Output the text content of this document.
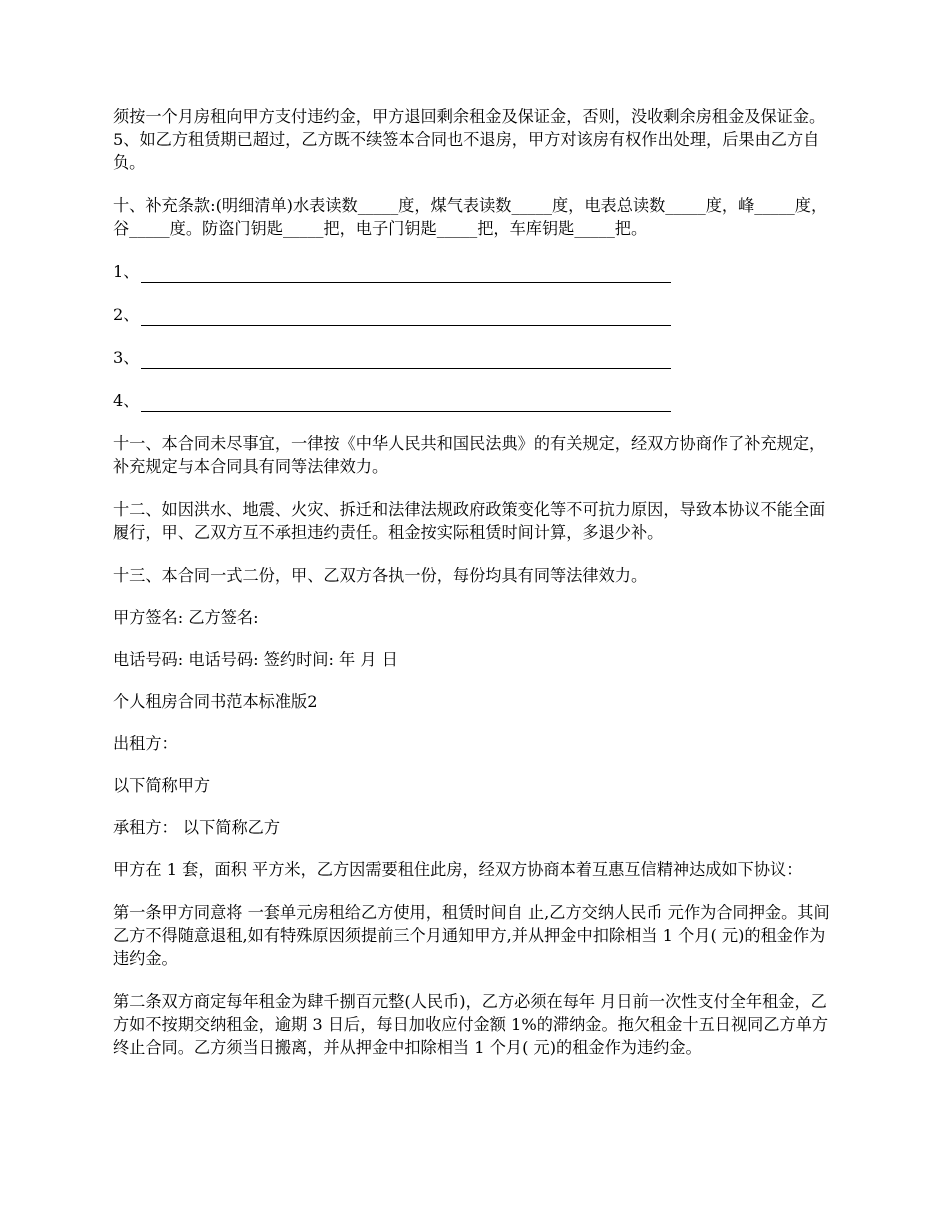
须按一个月房租向甲方支付违约金，甲方退回剩余租金及保证金，否则，没收剩余房租金及保证金。5、如乙方租赁期已超过，乙方既不续签本合同也不退房，甲方对该房有权作出处理，后果由乙方自负。

十、补充条款:(明细清单)水表读数_____度，煤气表读数_____度，电表总读数_____度，峰_____度，谷_____度。防盗门钥匙_____把，电子门钥匙_____把，车库钥匙_____把。

1、
2、
3、
4、

十一、本合同未尽事宜，一律按《中华人民共和国民法典》的有关规定，经双方协商作了补充规定，补充规定与本合同具有同等法律效力。

十二、如因洪水、地震、火灾、拆迁和法律法规政府政策变化等不可抗力原因，导致本协议不能全面履行，甲、乙双方互不承担违约责任。租金按实际租赁时间计算，多退少补。

十三、本合同一式二份，甲、乙双方各执一份，每份均具有同等法律效力。

甲方签名: 乙方签名:

电话号码: 电话号码: 签约时间: 年 月 日

个人租房合同书范本标准版2

出租方：

以下简称甲方

承租方： 以下简称乙方

甲方在 1 套，面积 平方米，乙方因需要租住此房，经双方协商本着互惠互信精神达成如下协议：

第一条甲方同意将 一套单元房租给乙方使用，租赁时间自 止,乙方交纳人民币 元作为合同押金。其间乙方不得随意退租,如有特殊原因须提前三个月通知甲方,并从押金中扣除相当 1 个月( 元)的租金作为违约金。

第二条双方商定每年租金为肆千捌百元整(人民币)，乙方必须在每年 月日前一次性支付全年租金，乙方如不按期交纳租金，逾期 3 日后，每日加收应付金额 1%的滞纳金。拖欠租金十五日视同乙方单方终止合同。乙方须当日搬离，并从押金中扣除相当 1 个月( 元)的租金作为违约金。
